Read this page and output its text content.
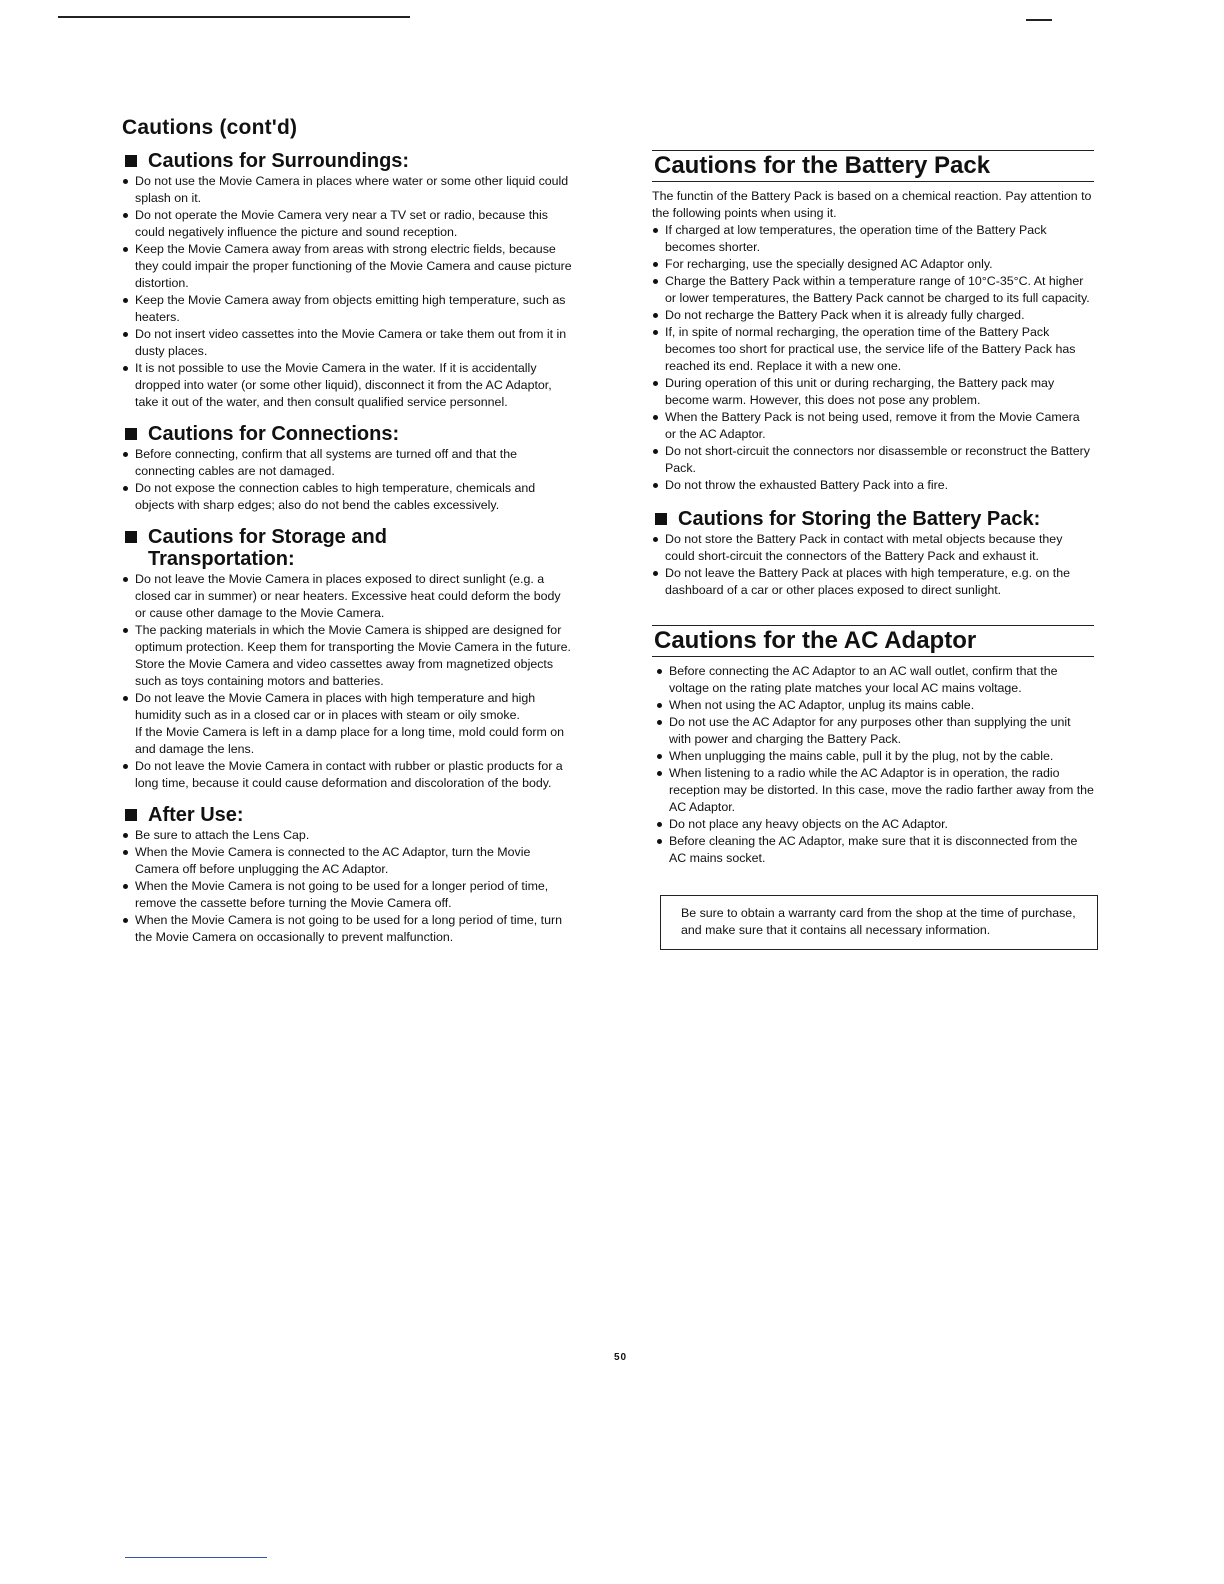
Cautions (cont'd)
Cautions for Surroundings:
Do not use the Movie Camera in places where water or some other liquid could splash on it.
Do not operate the Movie Camera very near a TV set or radio, because this could negatively influence the picture and sound reception.
Keep the Movie Camera away from areas with strong electric fields, because they could impair the proper functioning of the Movie Camera and cause picture distortion.
Keep the Movie Camera away from objects emitting high temperature, such as heaters.
Do not insert video cassettes into the Movie Camera or take them out from it in dusty places.
It is not possible to use the Movie Camera in the water. If it is accidentally dropped into water (or some other liquid), disconnect it from the AC Adaptor, take it out of the water, and then consult qualified service personnel.
Cautions for Connections:
Before connecting, confirm that all systems are turned off and that the connecting cables are not damaged.
Do not expose the connection cables to high temperature, chemicals and objects with sharp edges; also do not bend the cables excessively.
Cautions for Storage and
Transportation:
Do not leave the Movie Camera in places exposed to direct sunlight (e.g. a closed car in summer) or near heaters. Excessive heat could deform the body or cause other damage to the Movie Camera.
The packing materials in which the Movie Camera is shipped are designed for optimum protection. Keep them for transporting the Movie Camera in the future.
Store the Movie Camera and video cassettes away from magnetized objects such as toys containing motors and batteries.
Do not leave the Movie Camera in places with high temperature and high humidity such as in a closed car or in places with steam or oily smoke.
If the Movie Camera is left in a damp place for a long time, mold could form on and damage the lens.
Do not leave the Movie Camera in contact with rubber or plastic products for a long time, because it could cause deformation and discoloration of the body.
After Use:
Be sure to attach the Lens Cap.
When the Movie Camera is connected to the AC Adaptor, turn the Movie Camera off before unplugging the AC Adaptor.
When the Movie Camera is not going to be used for a longer period of time, remove the cassette before turning the Movie Camera off.
When the Movie Camera is not going to be used for a long period of time, turn the Movie Camera on occasionally to prevent malfunction.
Cautions for the Battery Pack

The functin of the Battery Pack is based on a chemical reaction. Pay attention to the following points when using it.

If charged at low temperatures, the operation time of the Battery Pack becomes shorter.
For recharging, use the specially designed AC Adaptor only.
Charge the Battery Pack within a temperature range of 10°C-35°C. At higher or lower temperatures, the Battery Pack cannot be charged to its full capacity.
Do not recharge the Battery Pack when it is already fully charged.
If, in spite of normal recharging, the operation time of the Battery Pack becomes too short for practical use, the service life of the Battery Pack has reached its end. Replace it with a new one.
During operation of this unit or during recharging, the Battery pack may become warm. However, this does not pose any problem.
When the Battery Pack is not being used, remove it from the Movie Camera or the AC Adaptor.
Do not short-circuit the connectors nor disassemble or reconstruct the Battery Pack.
Do not throw the exhausted Battery Pack into a fire.
Cautions for Storing the Battery Pack:
Do not store the Battery Pack in contact with metal objects because they could short-circuit the connectors of the Battery Pack and exhaust it.
Do not leave the Battery Pack at places with high temperature, e.g. on the dashboard of a car or other places exposed to direct sunlight.
Cautions for the AC Adaptor
Before connecting the AC Adaptor to an AC wall outlet, confirm that the voltage on the rating plate matches your local AC mains voltage.
When not using the AC Adaptor, unplug its mains cable.
Do not use the AC Adaptor for any purposes other than supplying the unit with power and charging the Battery Pack.
When unplugging the mains cable, pull it by the plug, not by the cable.
When listening to a radio while the AC Adaptor is in operation, the radio reception may be distorted. In this case, move the radio farther away from the AC Adaptor.
Do not place any heavy objects on the AC Adaptor.
Before cleaning the AC Adaptor, make sure that it is disconnected from the AC mains socket.
Be sure to obtain a warranty card from the shop at the time of purchase, and make sure that it contains all necessary information.
50
